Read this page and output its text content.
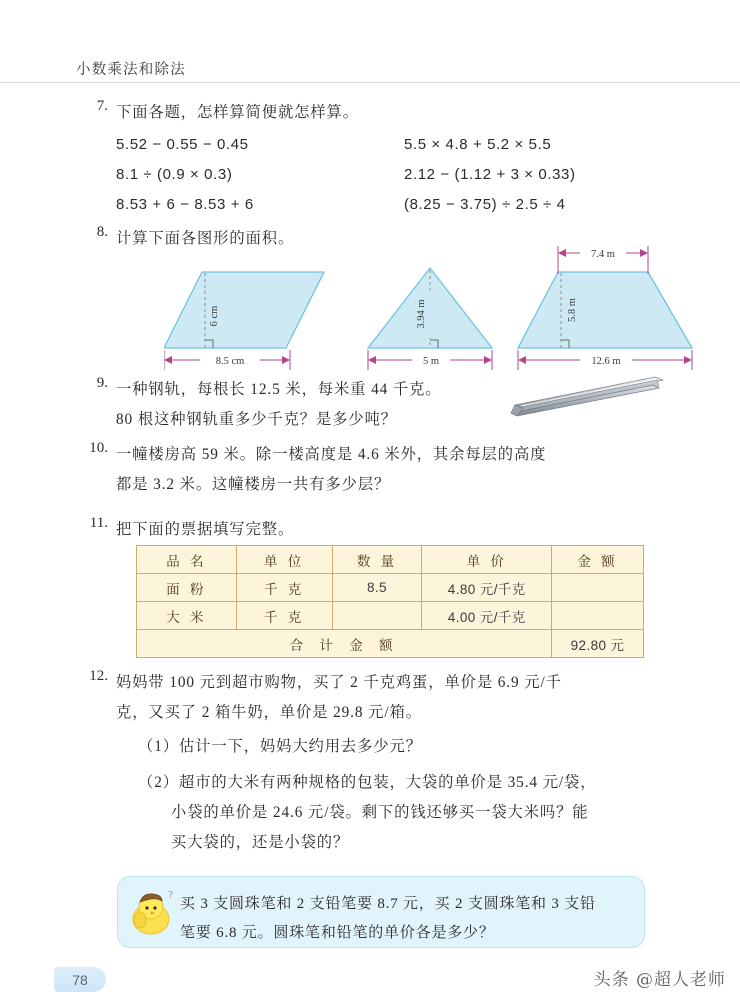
小数乘法和除法
7. 下面各题，怎样算简便就怎样算。
5.52 − 0.55 − 0.45	5.5 × 4.8 + 5.2 × 5.5
8.1 ÷ (0.9 × 0.3)	2.12 − (1.12 + 3 × 0.33)
8.53 + 6 − 8.53 + 6	(8.25 − 3.75) ÷ 2.5 ÷ 4
8. 计算下面各图形的面积。
8.5 cm
6 cm
5 m
3.94 m
7.4 m
12.6 m
5.8 m
9. 一种钢轨，每根长 12.5 米，每米重 44 千克。
80 根这种钢轨重多少千克？是多少吨？
10. 一幢楼房高 59 米。除一楼高度是 4.6 米外，其余每层的高度
都是 3.2 米。这幢楼房一共有多少层？
11. 把下面的票据填写完整。
品 名	单 位	数 量	单 价	金 额
面 粉	千 克	8.5	4.80 元/千克	
大 米	千 克		4.00 元/千克	
合 计 金 额				92.80 元
12. 妈妈带 100 元到超市购物，买了 2 千克鸡蛋，单价是 6.9 元/千
克，又买了 2 箱牛奶，单价是 29.8 元/箱。
（1）估计一下，妈妈大约用去多少元？
（2）超市的大米有两种规格的包装，大袋的单价是 35.4 元/袋，
小袋的单价是 24.6 元/袋。剩下的钱还够买一袋大米吗？能
买大袋的，还是小袋的？
?
买 3 支圆珠笔和 2 支铅笔要 8.7 元，买 2 支圆珠笔和 3 支铅
笔要 6.8 元。圆珠笔和铅笔的单价各是多少？
78	头条 @超人老师
